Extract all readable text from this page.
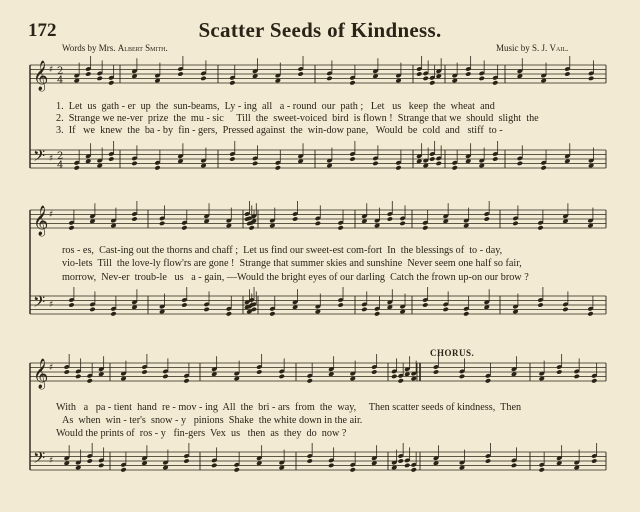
172	Scatter Seeds of Kindness.
Words by Mrs. Albert Smith.	Music by S. J. Vail.
CHORUS.
𝄞
𝄢
♯
♯
2
4
2
4
𝄞
𝄢
♯
♯
𝄞
𝄢
♯
♯
1.  Let  us  gath - er  up  the  sun-beams,  Ly - ing  all   a - round  our  path ;   Let   us   keep  the  wheat  and
2.  Strange we ne-ver  prize  the  mu - sic     Till  the  sweet-voiced  bird  is flown !  Strange that we  should  slight  the
3.  If   we  knew  the  ba - by  fin - gers,  Pressed against  the  win-dow pane,   Would  be  cold  and   stiff  to -
ros - es,  Cast-ing out the thorns and chaff ;  Let us find our sweet-est com-fort  In  the blessings of  to - day,
vio-lets  Till  the love-ly flow'rs are gone !  Strange that summer skies and sunshine  Never seem one half so fair,
morrow,  Nev-er  troub-le   us   a - gain, —Would the bright eyes of our darling  Catch the frown up-on our brow ?
With   a   pa - tient  hand  re - mov - ing  All  the  bri - ars  from  the  way,     Then scatter seeds of kindness,  Then
As  when  win - ter's  snow - y   pinions  Shake  the white down in the air.
Would the prints of  ros - y   fin-gers  Vex  us   then  as  they  do  now ?
